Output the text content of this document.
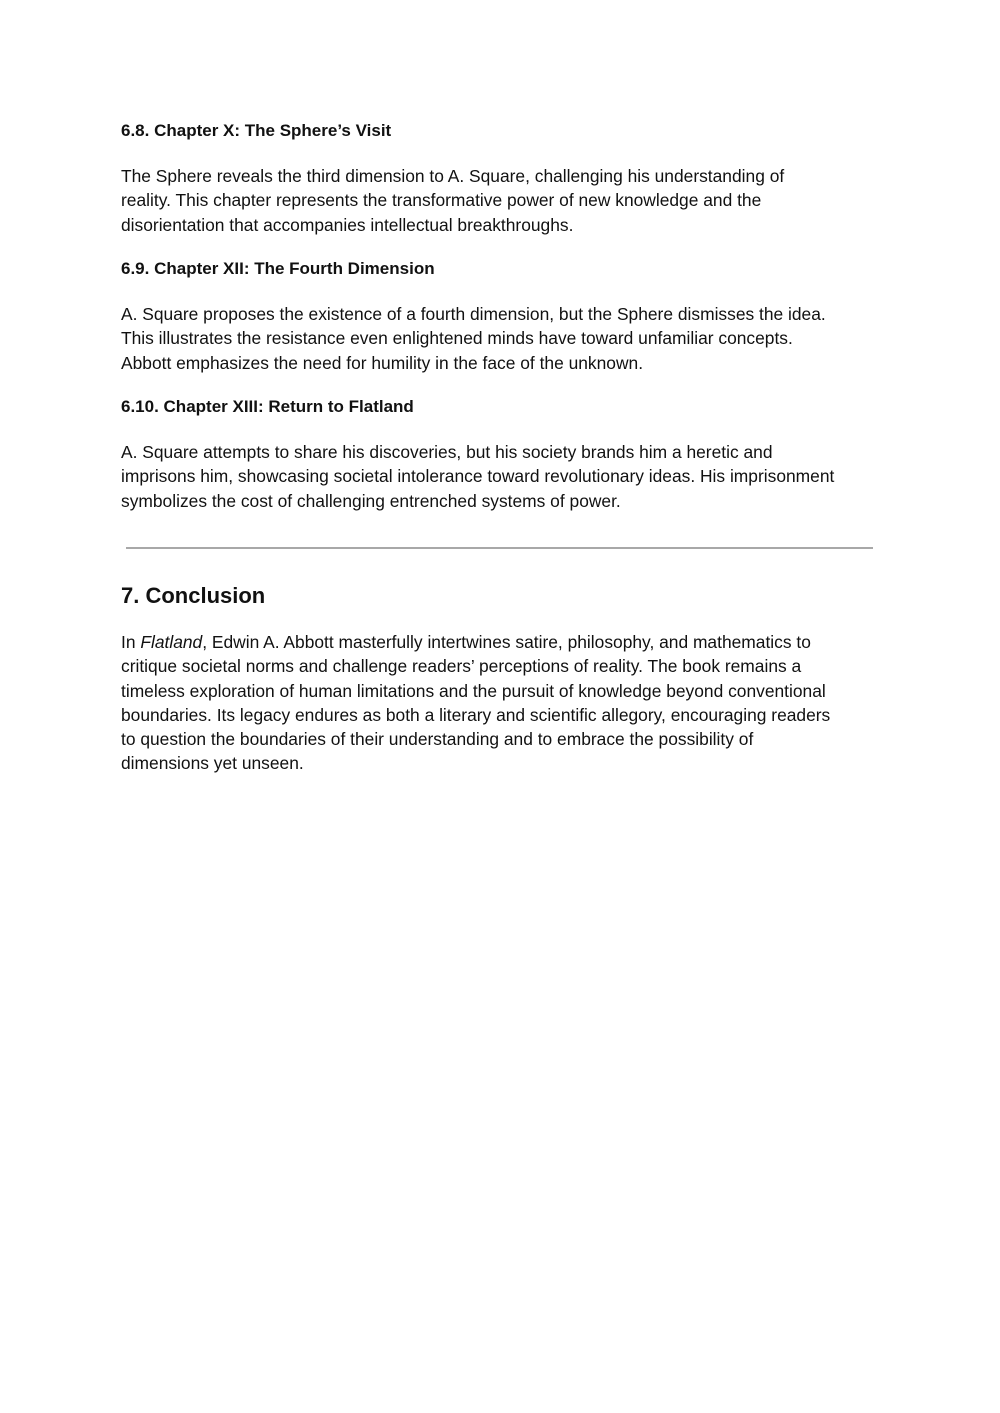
6.8. Chapter X: The Sphere’s Visit

The Sphere reveals the third dimension to A. Square, challenging his understanding of
reality. This chapter represents the transformative power of new knowledge and the
disorientation that accompanies intellectual breakthroughs.

6.9. Chapter XII: The Fourth Dimension

A. Square proposes the existence of a fourth dimension, but the Sphere dismisses the idea.
This illustrates the resistance even enlightened minds have toward unfamiliar concepts.
Abbott emphasizes the need for humility in the face of the unknown.

6.10. Chapter XIII: Return to Flatland

A. Square attempts to share his discoveries, but his society brands him a heretic and
imprisons him, showcasing societal intolerance toward revolutionary ideas. His imprisonment
symbolizes the cost of challenging entrenched systems of power.

7. Conclusion

In Flatland, Edwin A. Abbott masterfully intertwines satire, philosophy, and mathematics to
critique societal norms and challenge readers’ perceptions of reality. The book remains a
timeless exploration of human limitations and the pursuit of knowledge beyond conventional
boundaries. Its legacy endures as both a literary and scientific allegory, encouraging readers
to question the boundaries of their understanding and to embrace the possibility of
dimensions yet unseen.
